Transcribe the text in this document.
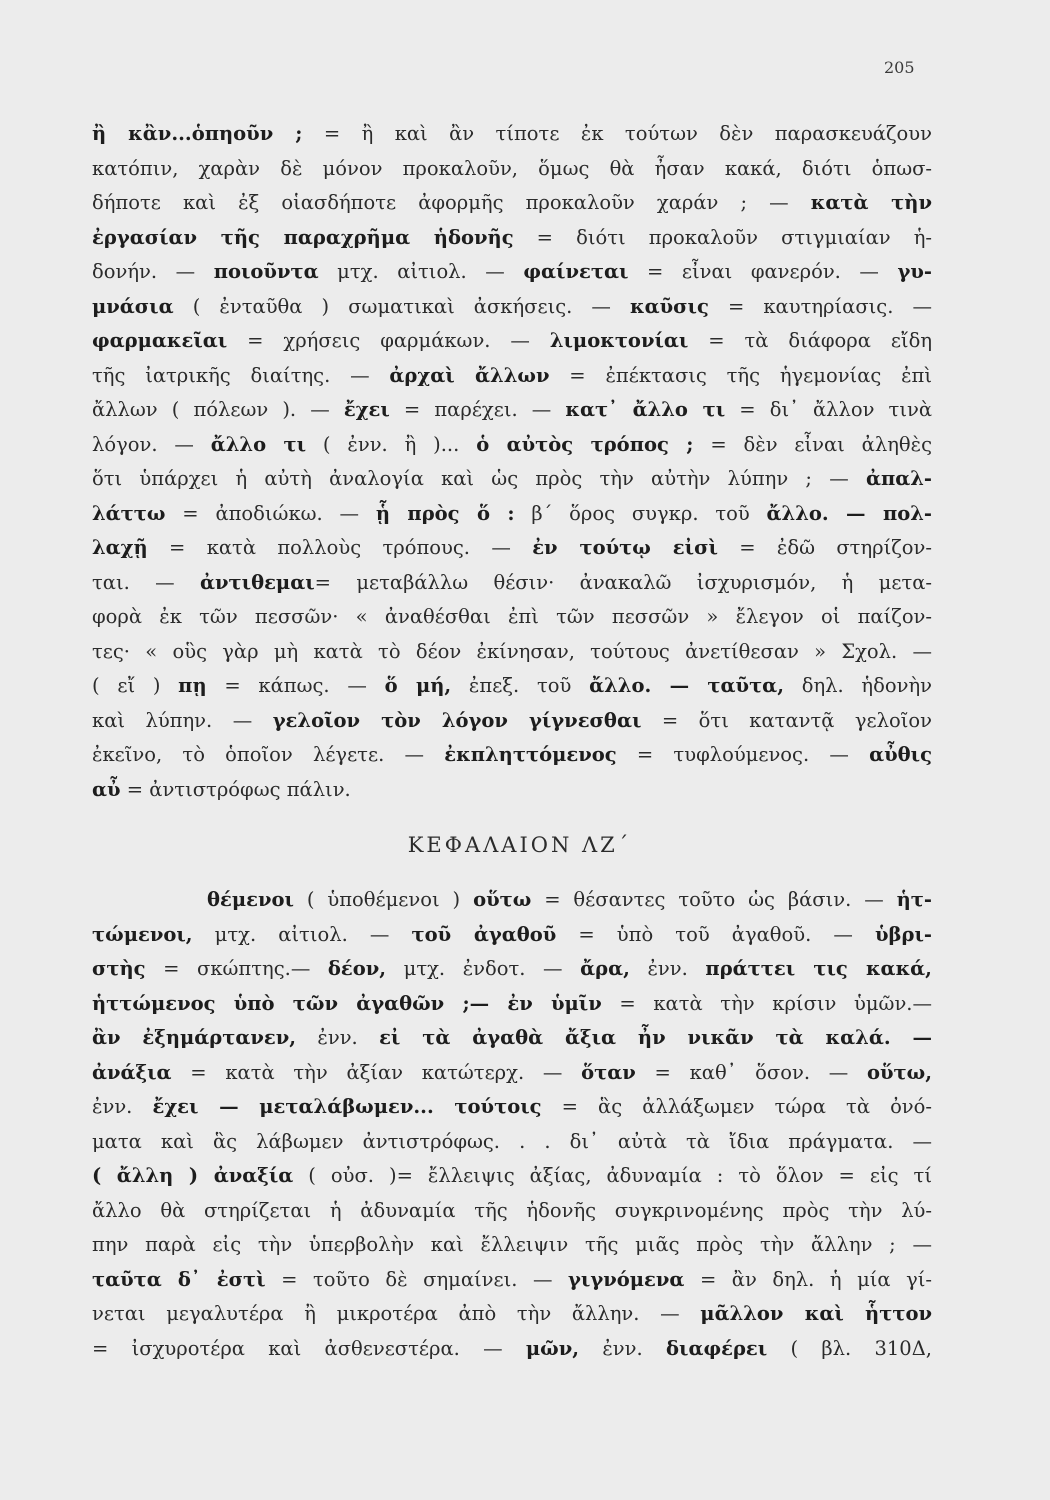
205
ἢ κἂν...ὁπηοῦν ; = ἢ καὶ ἂν τίποτε ἐκ τούτων δὲν παρασκευάζουν
κατόπιν, χαρὰν δὲ μόνον προκαλοῦν, ὅμως θὰ ἦσαν κακά, διότι ὁπωσ-
δήποτε καὶ ἐξ οἱασδήποτε ἀφορμῆς προκαλοῦν χαράν ; — κατὰ τὴν
ἐργασίαν τῆς παραχρῆμα ἡδονῆς = διότι προκαλοῦν στιγμιαίαν ἡ-
δονήν. — ποιοῦντα μτχ. αἰτιολ. — φαίνεται = εἶναι φανερόν. — γυ-
μνάσια ( ἐνταῦθα ) σωματικαὶ ἀσκήσεις. — καῦσις = καυτηρίασις. —
φαρμακεῖαι = χρήσεις φαρμάκων. — λιμοκτονίαι = τὰ διάφορα εἴδη
τῆς ἰατρικῆς διαίτης. — ἀρχαὶ ἄλλων = ἐπέκτασις τῆς ἡγεμονίας ἐπὶ
ἄλλων ( πόλεων ). — ἔχει = παρέχει. — κατ᾽ ἄλλο τι = δι᾽ ἄλλον τινὰ
λόγον. — ἄλλο τι ( ἐνν. ἢ )... ὁ αὐτὸς τρόπος ; = δὲν εἶναι ἀληθὲς
ὅτι ὑπάρχει ἡ αὐτὴ ἀναλογία καὶ ὡς πρὸς τὴν αὐτὴν λύπην ; — ἀπαλ-
λάττω = ἀποδιώκω. — ᾗ πρὸς ὅ : β΄ ὅρος συγκρ. τοῦ ἄλλο. — πολ-
λαχῇ = κατὰ πολλοὺς τρόπους. — ἐν τούτῳ εἰσὶ = ἐδῶ στηρίζον-
ται. — ἀντιθεμαι= μεταβάλλω θέσιν· ἀνακαλῶ ἰσχυρισμόν, ἡ μετα-
φορὰ ἐκ τῶν πεσσῶν· « ἀναθέσθαι ἐπὶ τῶν πεσσῶν » ἔλεγον οἱ παίζον-
τες· « οὓς γὰρ μὴ κατὰ τὸ δέον ἐκίνησαν, τούτους ἀνετίθεσαν » Σχολ. —
( εἴ ) πῃ = κάπως. — ὅ μή, ἐπεξ. τοῦ ἄλλο. — ταῦτα, δηλ. ἡδονὴν
καὶ λύπην. — γελοῖον τὸν λόγον γίγνεσθαι = ὅτι καταντᾷ γελοῖον
ἐκεῖνο, τὸ ὁποῖον λέγετε. — ἐκπληττόμενος = τυφλούμενος. — αὖθις
αὖ = ἀντιστρόφως πάλιν.
ΚΕΦΑΛΑΙΟΝ ΛΖ΄
θέμενοι ( ὑποθέμενοι ) οὕτω = θέσαντες τοῦτο ὡς βάσιν. — ἡτ-
τώμενοι, μτχ. αἰτιολ. — τοῦ ἀγαθοῦ = ὑπὸ τοῦ ἀγαθοῦ. — ὑβρι-
στὴς = σκώπτης.— δέον, μτχ. ἐνδοτ. — ἄρα, ἐνν. πράττει τις κακά,
ἡττώμενος ὑπὸ τῶν ἀγαθῶν ;— ἐν ὑμῖν = κατὰ τὴν κρίσιν ὑμῶν.—
ἂν ἐξημάρτανεν, ἐνν. εἰ τὰ ἀγαθὰ ἄξια ἦν νικᾶν τὰ καλά. —
ἀνάξια = κατὰ τὴν ἀξίαν κατώτερχ. — ὅταν = καθ᾽ ὅσον. — οὕτω,
ἐνν. ἔχει — μεταλάβωμεν... τούτοις = ἃς ἀλλάξωμεν τώρα τὰ ὀνό-
ματα καὶ ἃς λάβωμεν ἀντιστρόφως. . . δι᾽ αὐτὰ τὰ ἴδια πράγματα. —
( ἄλλη ) ἀναξία ( οὐσ. )= ἔλλειψις ἀξίας, ἀδυναμία : τὸ ὅλον = εἰς τί
ἄλλο θὰ στηρίζεται ἡ ἀδυναμία τῆς ἡδονῆς συγκρινομένης πρὸς τὴν λύ-
πην παρὰ εἰς τὴν ὑπερβολὴν καὶ ἔλλειψιν τῆς μιᾶς πρὸς τὴν ἄλλην ; —
ταῦτα δ᾽ ἐστὶ = τοῦτο δὲ σημαίνει. — γιγνόμενα = ἂν δηλ. ἡ μία γί-
νεται μεγαλυτέρα ἢ μικροτέρα ἀπὸ τὴν ἄλλην. — μᾶλλον καὶ ἧττον
= ἰσχυροτέρα καὶ ἀσθενεστέρα. — μῶν, ἐνν. διαφέρει ( βλ. 310Δ,
